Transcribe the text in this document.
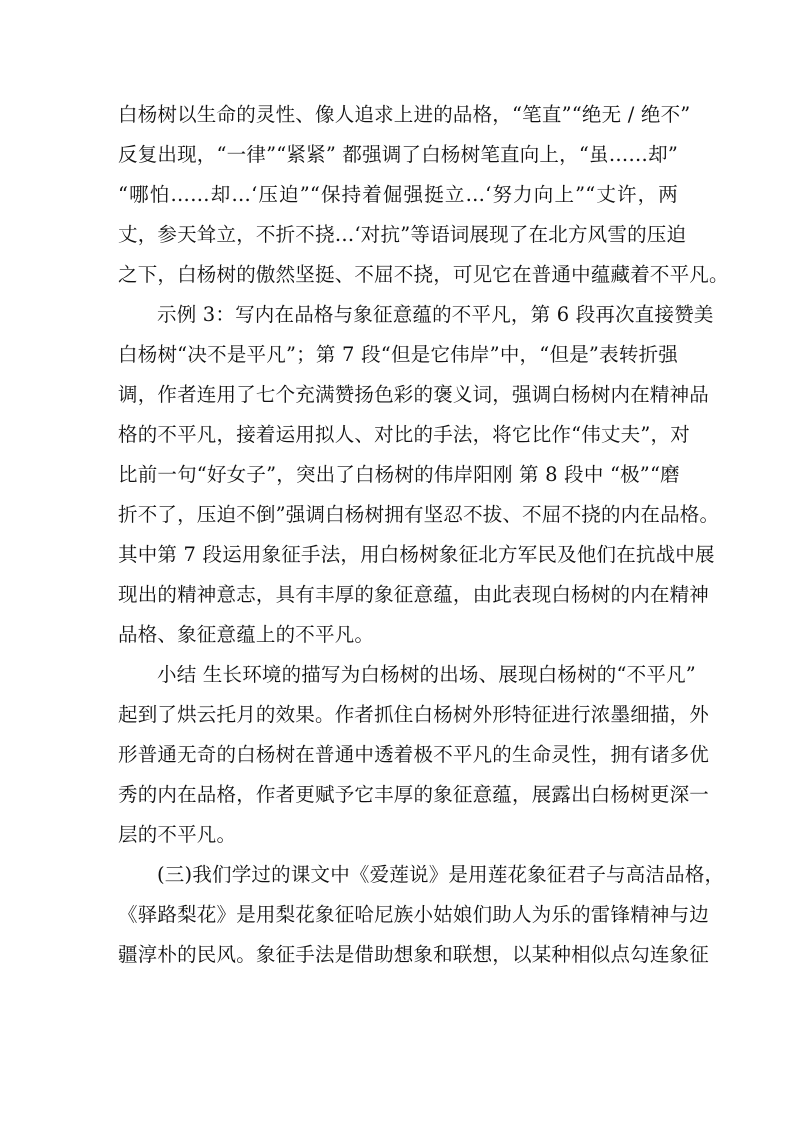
白杨树以生命的灵性、像人追求上进的品格，“笔直”“绝无 / 绝不”
反复出现，“一律”“紧紧” 都强调了白杨树笔直向上，“虽……却”
“哪怕……却…‘压迫”“保持着倔强挺立…‘努力向上”“丈许，两
丈，参天耸立，不折不挠…‘对抗”等语词展现了在北方风雪的压迫
之下，白杨树的傲然坚挺、不屈不挠，可见它在普通中蕴藏着不平凡。
示例 3：写内在品格与象征意蕴的不平凡，第 6 段再次直接赞美
白杨树“决不是平凡”；第 7 段“但是它伟岸”中，“但是”表转折强
调，作者连用了七个充满赞扬色彩的褒义词，强调白杨树内在精神品
格的不平凡，接着运用拟人、对比的手法，将它比作“伟丈夫”，对
比前一句“好女子”，突出了白杨树的伟岸阳刚 第 8 段中 “极”“磨
折不了，压迫不倒”强调白杨树拥有坚忍不拔、不屈不挠的内在品格。
其中第 7 段运用象征手法，用白杨树象征北方军民及他们在抗战中展
现出的精神意志，具有丰厚的象征意蕴，由此表现白杨树的内在精神
品格、象征意蕴上的不平凡。
小结 生长环境的描写为白杨树的出场、展现白杨树的“不平凡”
起到了烘云托月的效果。作者抓住白杨树外形特征进行浓墨细描，外
形普通无奇的白杨树在普通中透着极不平凡的生命灵性，拥有诸多优
秀的内在品格，作者更赋予它丰厚的象征意蕴，展露出白杨树更深一
层的不平凡。
(三)我们学过的课文中《爱莲说》是用莲花象征君子与高洁品格，
《驿路梨花》是用梨花象征哈尼族小姑娘们助人为乐的雷锋精神与边
疆淳朴的民风。象征手法是借助想象和联想，以某种相似点勾连象征
